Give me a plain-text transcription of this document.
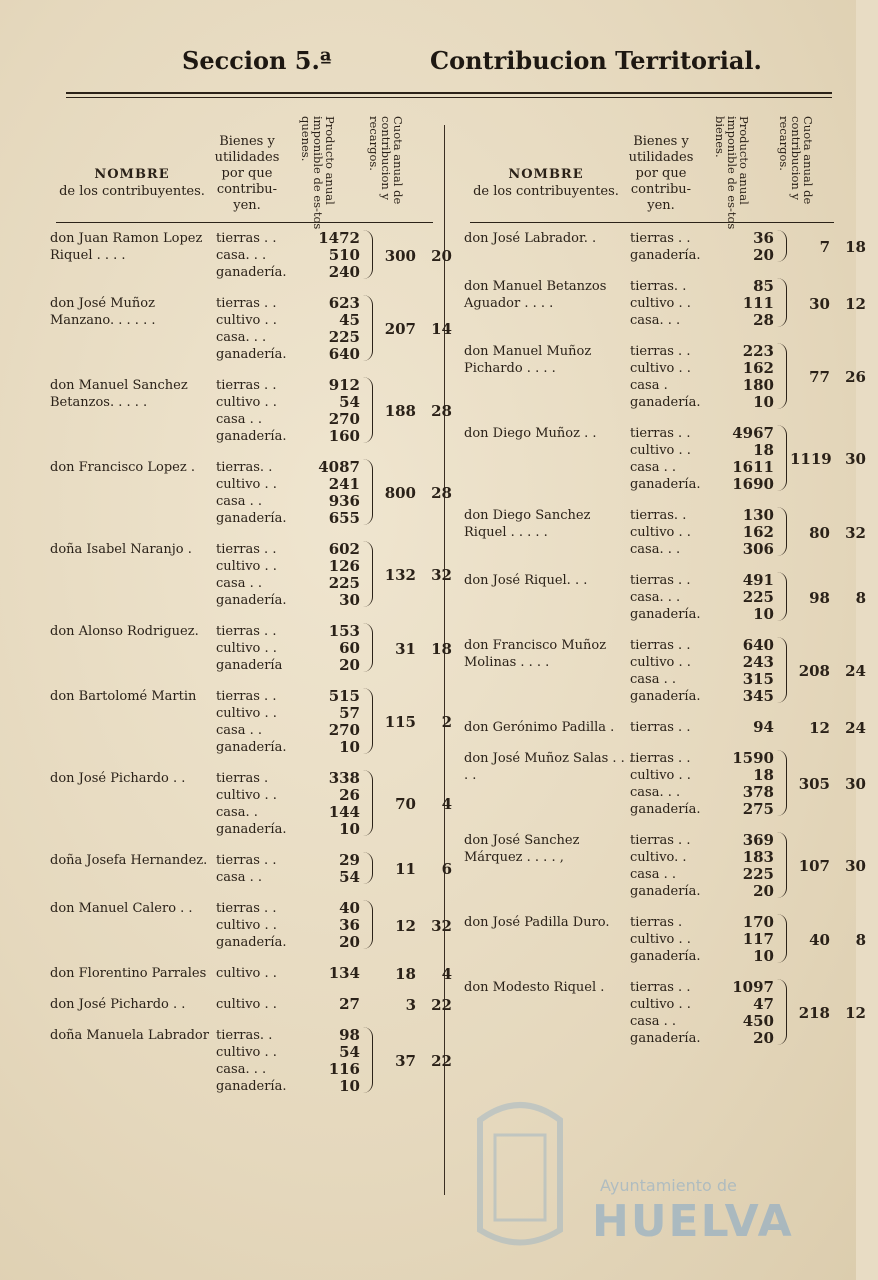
Seccion 5.ª	Contribucion Territorial.
NOMBRE
de los contribuyentes.
Bienes y utilidades por que contribu-yen.
Producto anual imponible de es-tos quenes.	Cuota anual de contribucion y recargos.
don Juan Ramon Lopez Riquel . . . .
tierras . .	1472
casa. . .	510
ganadería.	240
300	20
don José Muñoz Manzano. . . . . .
tierras . .	623
cultivo . .	45
casa. . .	225
ganadería.	640
207	14
don Manuel Sanchez Betanzos. . . . .
tierras . .	912
cultivo . .	54
casa . .	270
ganadería.	160
188	28
don Francisco Lopez .	tierras. .	4087
cultivo . .	241
casa . .	936
ganadería.	655
800	28
doña Isabel Naranjo .	tierras . .	602
cultivo . .	126
casa . .	225
ganadería.	30
132	32
don Alonso Rodriguez.	tierras . .	153
cultivo . .	60
ganadería	20
31	18
don Bartolomé Martin	tierras . .	515
cultivo . .	57
casa . .	270
ganadería.	10
115	2
don José Pichardo . .	tierras .	338
cultivo . .	26
casa. .	144
ganadería.	10
70	4
doña Josefa Hernandez. tierras . .	29
casa . .	54	11	6
don Manuel Calero . .	tierras . .	40
cultivo . .	36
ganadería.	20
12	32
don Florentino Parrales cultivo . .	134	18	4
don José Pichardo . .	cultivo . .	27	3	22
doña Manuela Labrador tierras. .	98
cultivo . .	54
casa. . .	116
ganadería.	10
37	22
NOMBRE
de los contribuyentes.
Bienes y utilidades por que contribu-yen.
Producto anual imponible de es-tos bienes.	Cuota anual de contribucion y recargos.
don José Labrador. .	tierras . .	36
ganadería.	20	7	18
don Manuel Betanzos Aguador . . . .
tierras. .	85
cultivo . .	111
casa. . .	28
30	12
don Manuel Muñoz Pichardo . . . .
tierras . .	223
cultivo . .	162
casa .	180
ganadería.	10
77	26
don Diego Muñoz . .	tierras . .	4967
cultivo . .	18
casa . .	1611
ganadería.	1690
1119 30
don Diego Sanchez Riquel . . . . .
tierras. .	130
cultivo . .	162
casa. . .	306
80	32
don José Riquel. . .	tierras . .	491
casa. . .	225
ganadería.	10
98	8
don Francisco Muñoz Molinas . . . .
tierras . .	640
cultivo . .	243
casa . .	315
ganadería.	345
208	24
don Gerónimo Padilla .	tierras . .	94	12	24
don José Muñoz Salas . . . . .
tierras . .	1590
cultivo . .	18
casa. . .	378
ganadería.	275
305	30
don José Sanchez Márquez . . . . ,
tierras . .	369
cultivo. .	183
casa . .	225
ganadería.	20
107	30
don José Padilla Duro.	tierras .	170
cultivo . .	117
ganadería.	10
40	8
don Modesto Riquel .	tierras . .	1097
cultivo . .	47
casa . .	450
ganadería.	20
218	12
Ayuntamiento de
HUELVA
